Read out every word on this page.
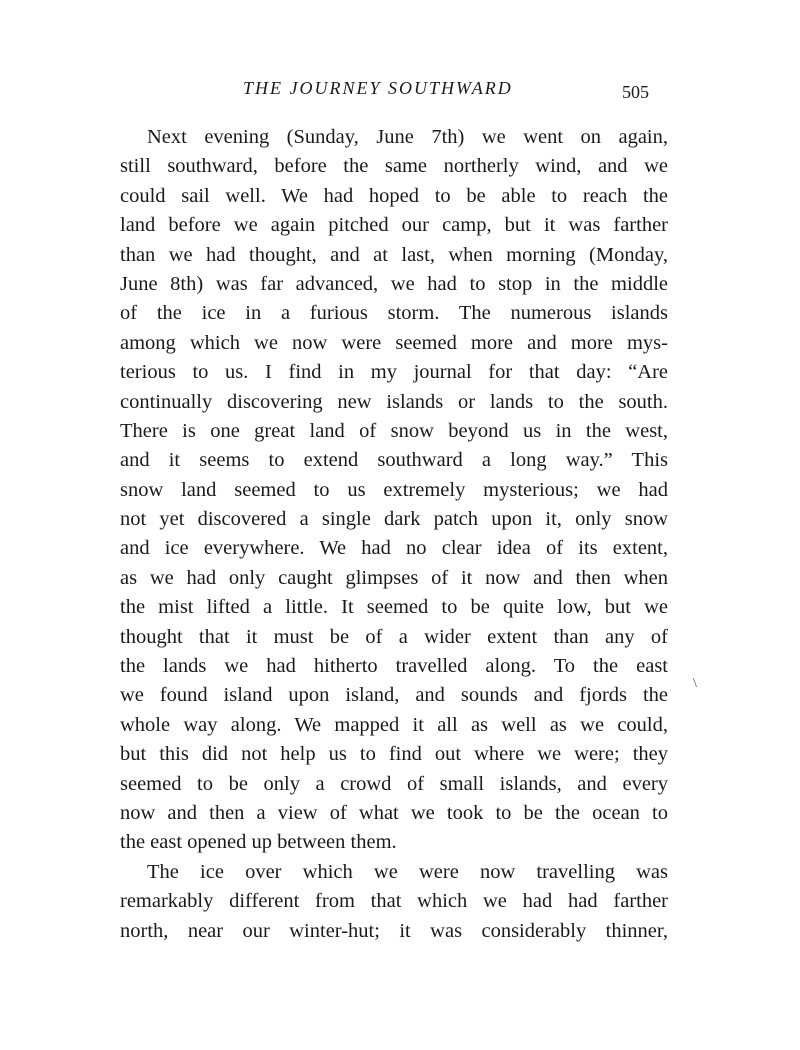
THE JOURNEY SOUTHWARD	505
Next evening (Sunday, June 7th) we went on again,
still southward, before the same northerly wind, and we
could sail well. We had hoped to be able to reach the
land before we again pitched our camp, but it was farther
than we had thought, and at last, when morning (Monday,
June 8th) was far advanced, we had to stop in the middle
of the ice in a furious storm. The numerous islands
among which we now were seemed more and more mys-
terious to us. I find in my journal for that day: “Are
continually discovering new islands or lands to the south.
There is one great land of snow beyond us in the west,
and it seems to extend southward a long way.” This
snow land seemed to us extremely mysterious; we had
not yet discovered a single dark patch upon it, only snow
and ice everywhere. We had no clear idea of its extent,
as we had only caught glimpses of it now and then when
the mist lifted a little. It seemed to be quite low, but we
thought that it must be of a wider extent than any of
the lands we had hitherto travelled along. To the east
we found island upon island, and sounds and fjords the
whole way along. We mapped it all as well as we could,
but this did not help us to find out where we were; they
seemed to be only a crowd of small islands, and every
now and then a view of what we took to be the ocean to
the east opened up between them.
The ice over which we were now travelling was
remarkably different from that which we had had farther
north, near our winter-hut; it was considerably thinner,
\
